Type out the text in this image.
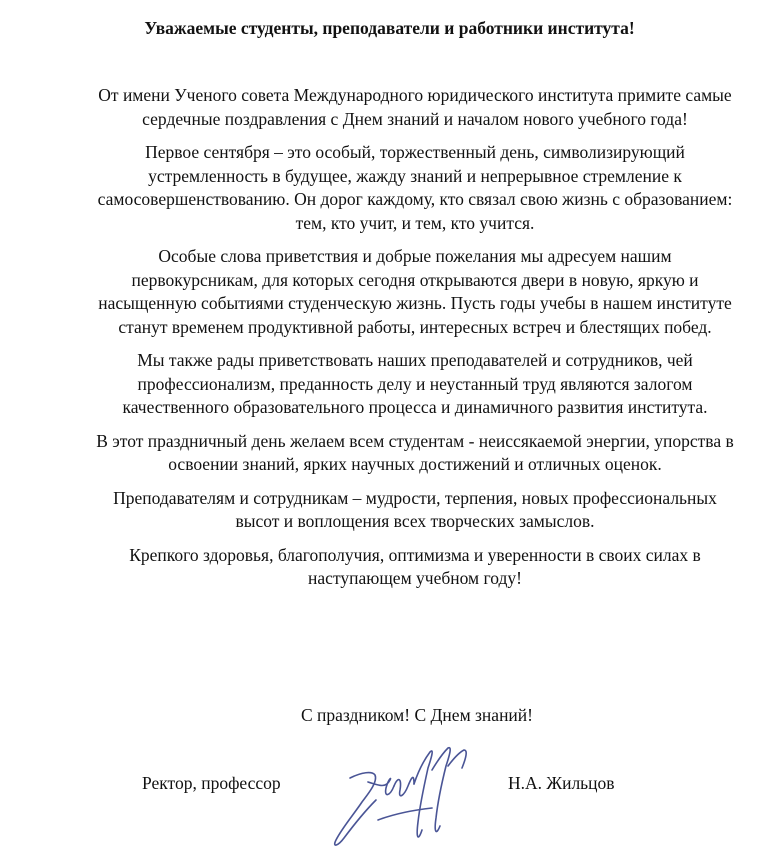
Уважаемые студенты, преподаватели и работники института!

От имени Ученого совета Международного юридического института примите самые сердечные поздравления с Днем знаний и началом нового учебного года!

Первое сентября – это особый, торжественный день, символизирующий устремленность в будущее, жажду знаний и непрерывное стремление к самосовершенствованию. Он дорог каждому, кто связал свою жизнь с образованием: тем, кто учит, и тем, кто учится.

Особые слова приветствия и добрые пожелания мы адресуем нашим первокурсникам, для которых сегодня открываются двери в новую, яркую и насыщенную событиями студенческую жизнь. Пусть годы учебы в нашем институте станут временем продуктивной работы, интересных встреч и блестящих побед.

Мы также рады приветствовать наших преподавателей и сотрудников, чей профессионализм, преданность делу и неустанный труд являются залогом качественного образовательного процесса и динамичного развития института.

В этот праздничный день желаем всем студентам - неиссякаемой энергии, упорства в освоении знаний, ярких научных достижений и отличных оценок.

Преподавателям и сотрудникам – мудрости, терпения, новых профессиональных высот и воплощения всех творческих замыслов.

Крепкого здоровья, благополучия, оптимизма и уверенности в своих силах в наступающем учебном году!

С праздником! С Днем знаний!
Ректор, профессор	Н.А. Жильцов
